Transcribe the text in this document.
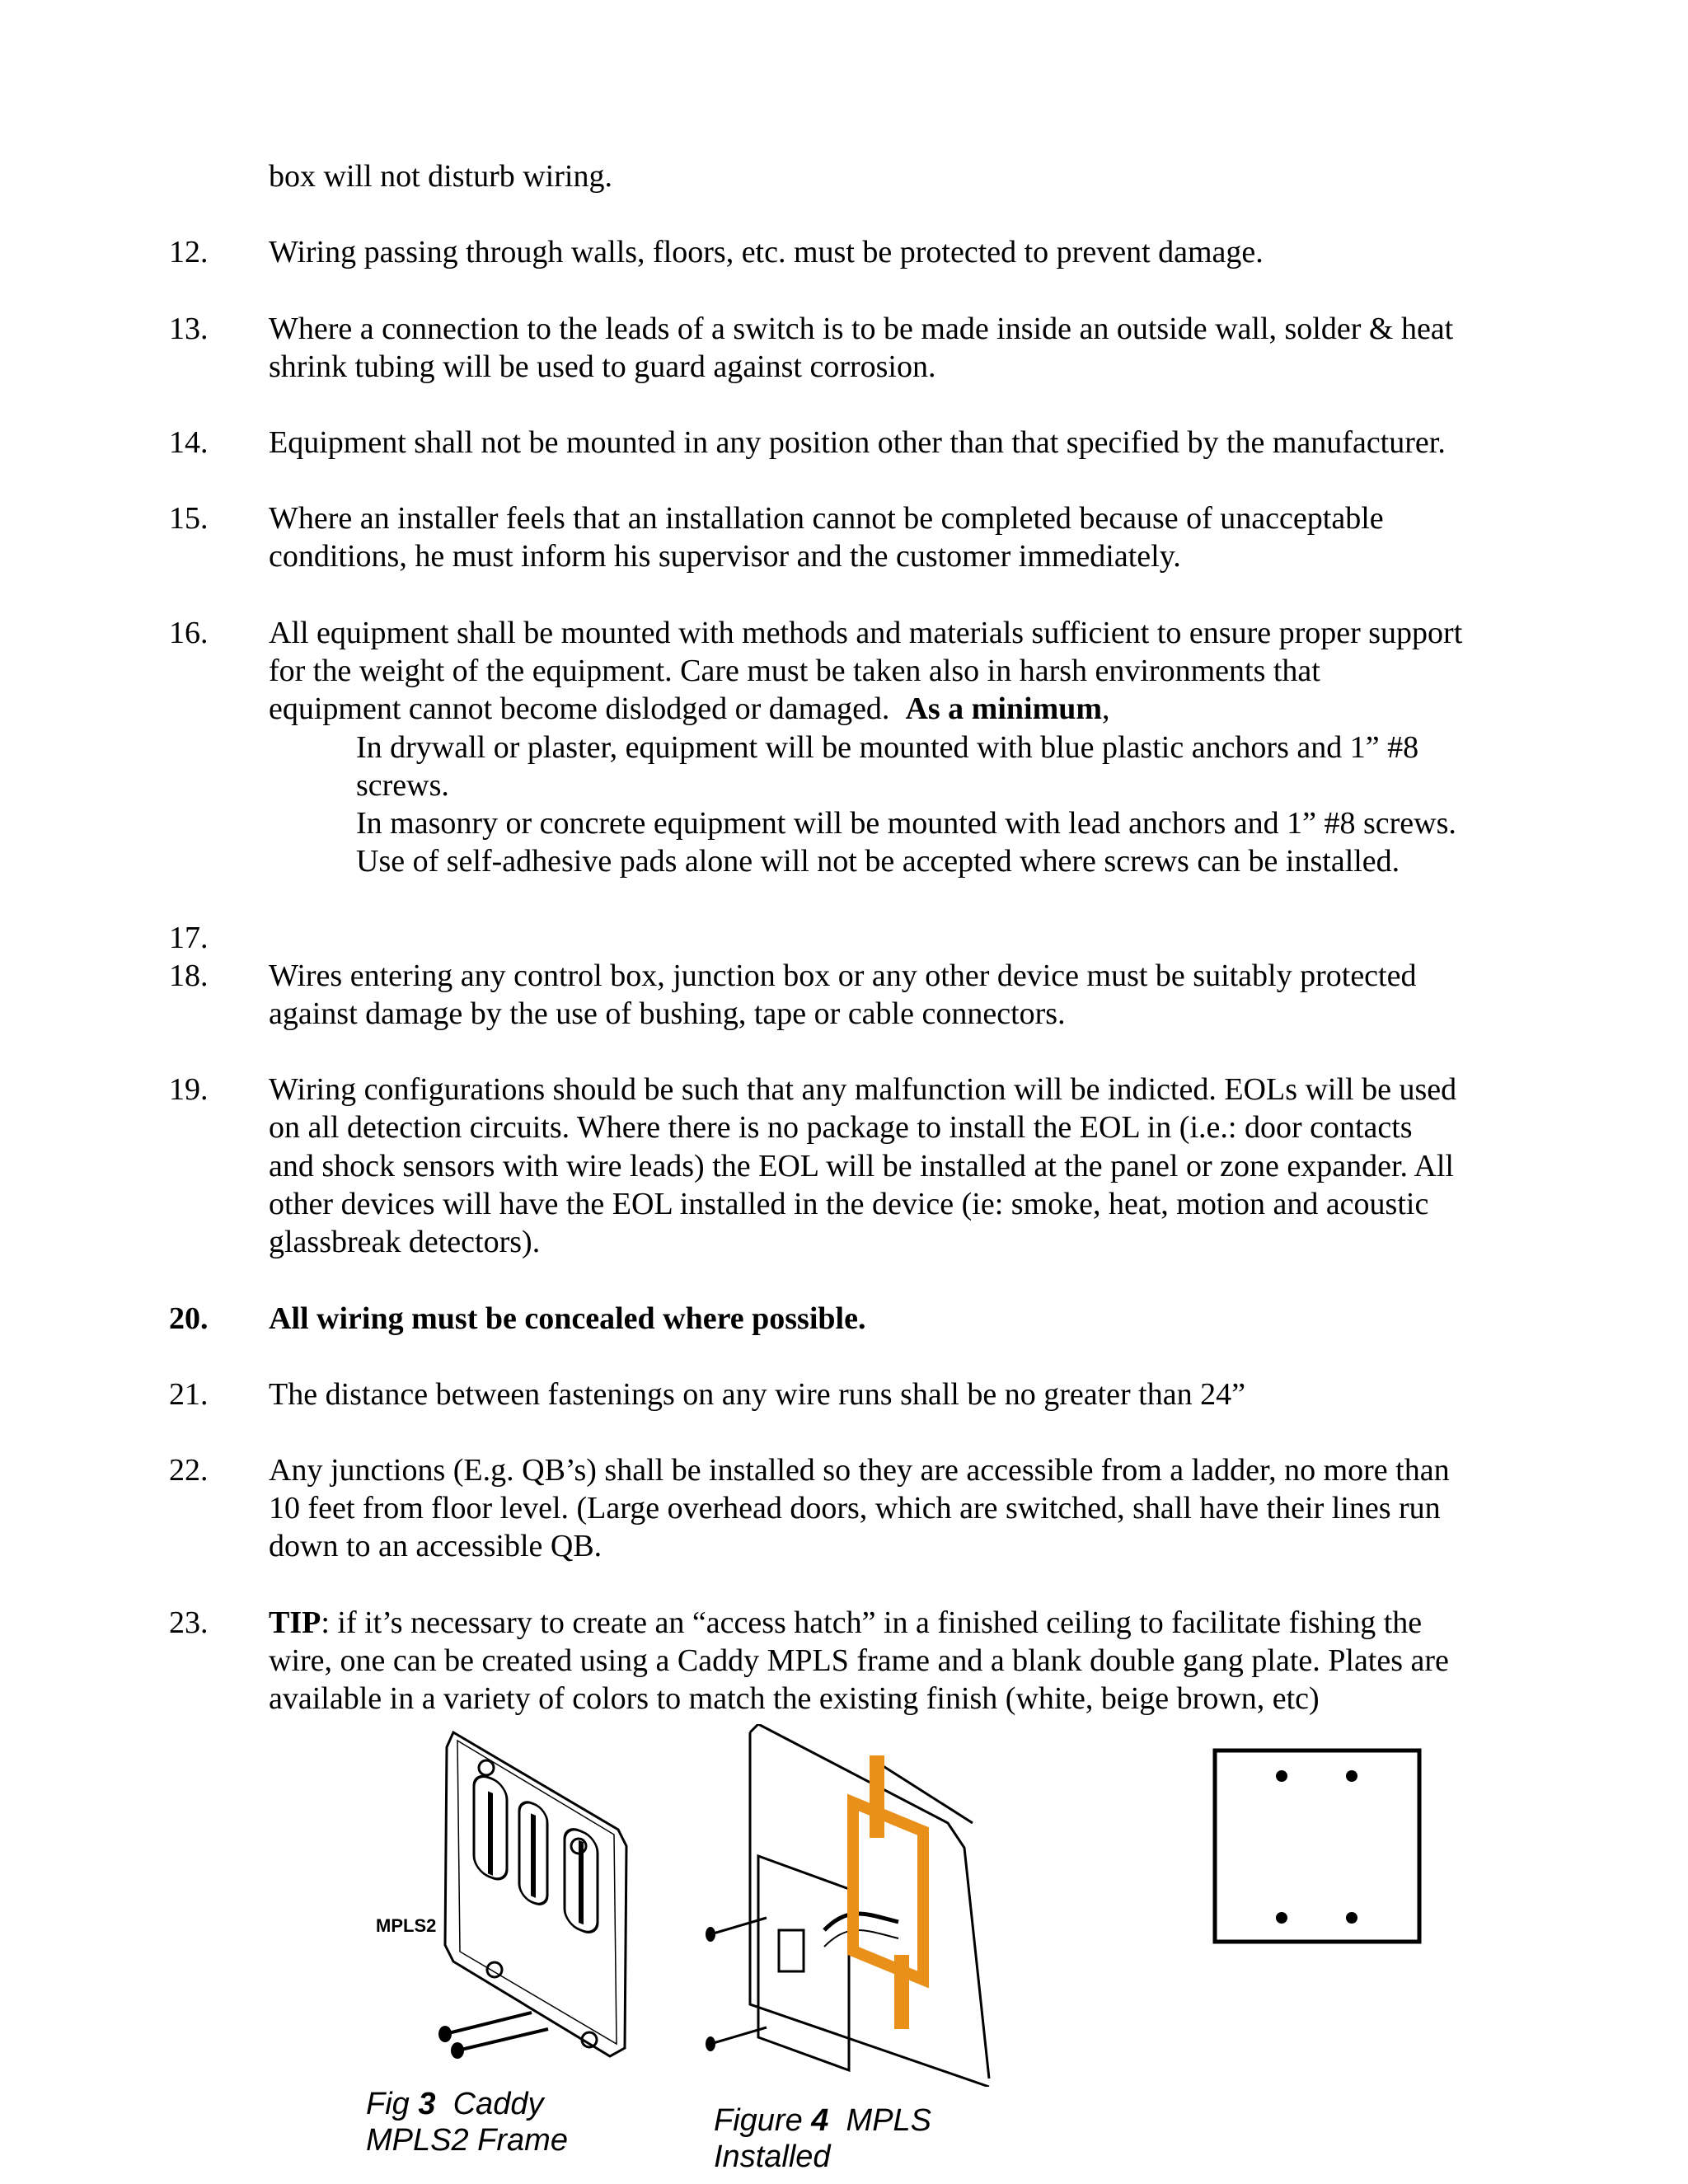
box will not disturb wiring.
12. Wiring passing through walls, floors, etc. must be protected to prevent damage.
13. Where a connection to the leads of a switch is to be made inside an outside wall, solder & heat
shrink tubing will be used to guard against corrosion.
14. Equipment shall not be mounted in any position other than that specified by the manufacturer.
15. Where an installer feels that an installation cannot be completed because of unacceptable
conditions, he must inform his supervisor and the customer immediately.
16. All equipment shall be mounted with methods and materials sufficient to ensure proper support
for the weight of the equipment. Care must be taken also in harsh environments that
equipment cannot become dislodged or damaged.  As a minimum,
In drywall or plaster, equipment will be mounted with blue plastic anchors and 1” #8
screws.
In masonry or concrete equipment will be mounted with lead anchors and 1” #8 screws.
Use of self-adhesive pads alone will not be accepted where screws can be installed.
17.
18. Wires entering any control box, junction box or any other device must be suitably protected
against damage by the use of bushing, tape or cable connectors.
19. Wiring configurations should be such that any malfunction will be indicted. EOLs will be used
on all detection circuits. Where there is no package to install the EOL in (i.e.: door contacts
and shock sensors with wire leads) the EOL will be installed at the panel or zone expander. All
other devices will have the EOL installed in the device (ie: smoke, heat, motion and acoustic
glassbreak detectors).
20. All wiring must be concealed where possible.
21. The distance between fastenings on any wire runs shall be no greater than 24”
22. Any junctions (E.g. QB’s) shall be installed so they are accessible from a ladder, no more than
10 feet from floor level. (Large overhead doors, which are switched, shall have their lines run
down to an accessible QB.
23. TIP: if it’s necessary to create an “access hatch” in a finished ceiling to facilitate fishing the
wire, one can be created using a Caddy MPLS frame and a blank double gang plate. Plates are
available in a variety of colors to match the existing finish (white, beige brown, etc)
MPLS2
Fig 3  Caddy
MPLS2 Frame
Figure 4  MPLS
Installed
